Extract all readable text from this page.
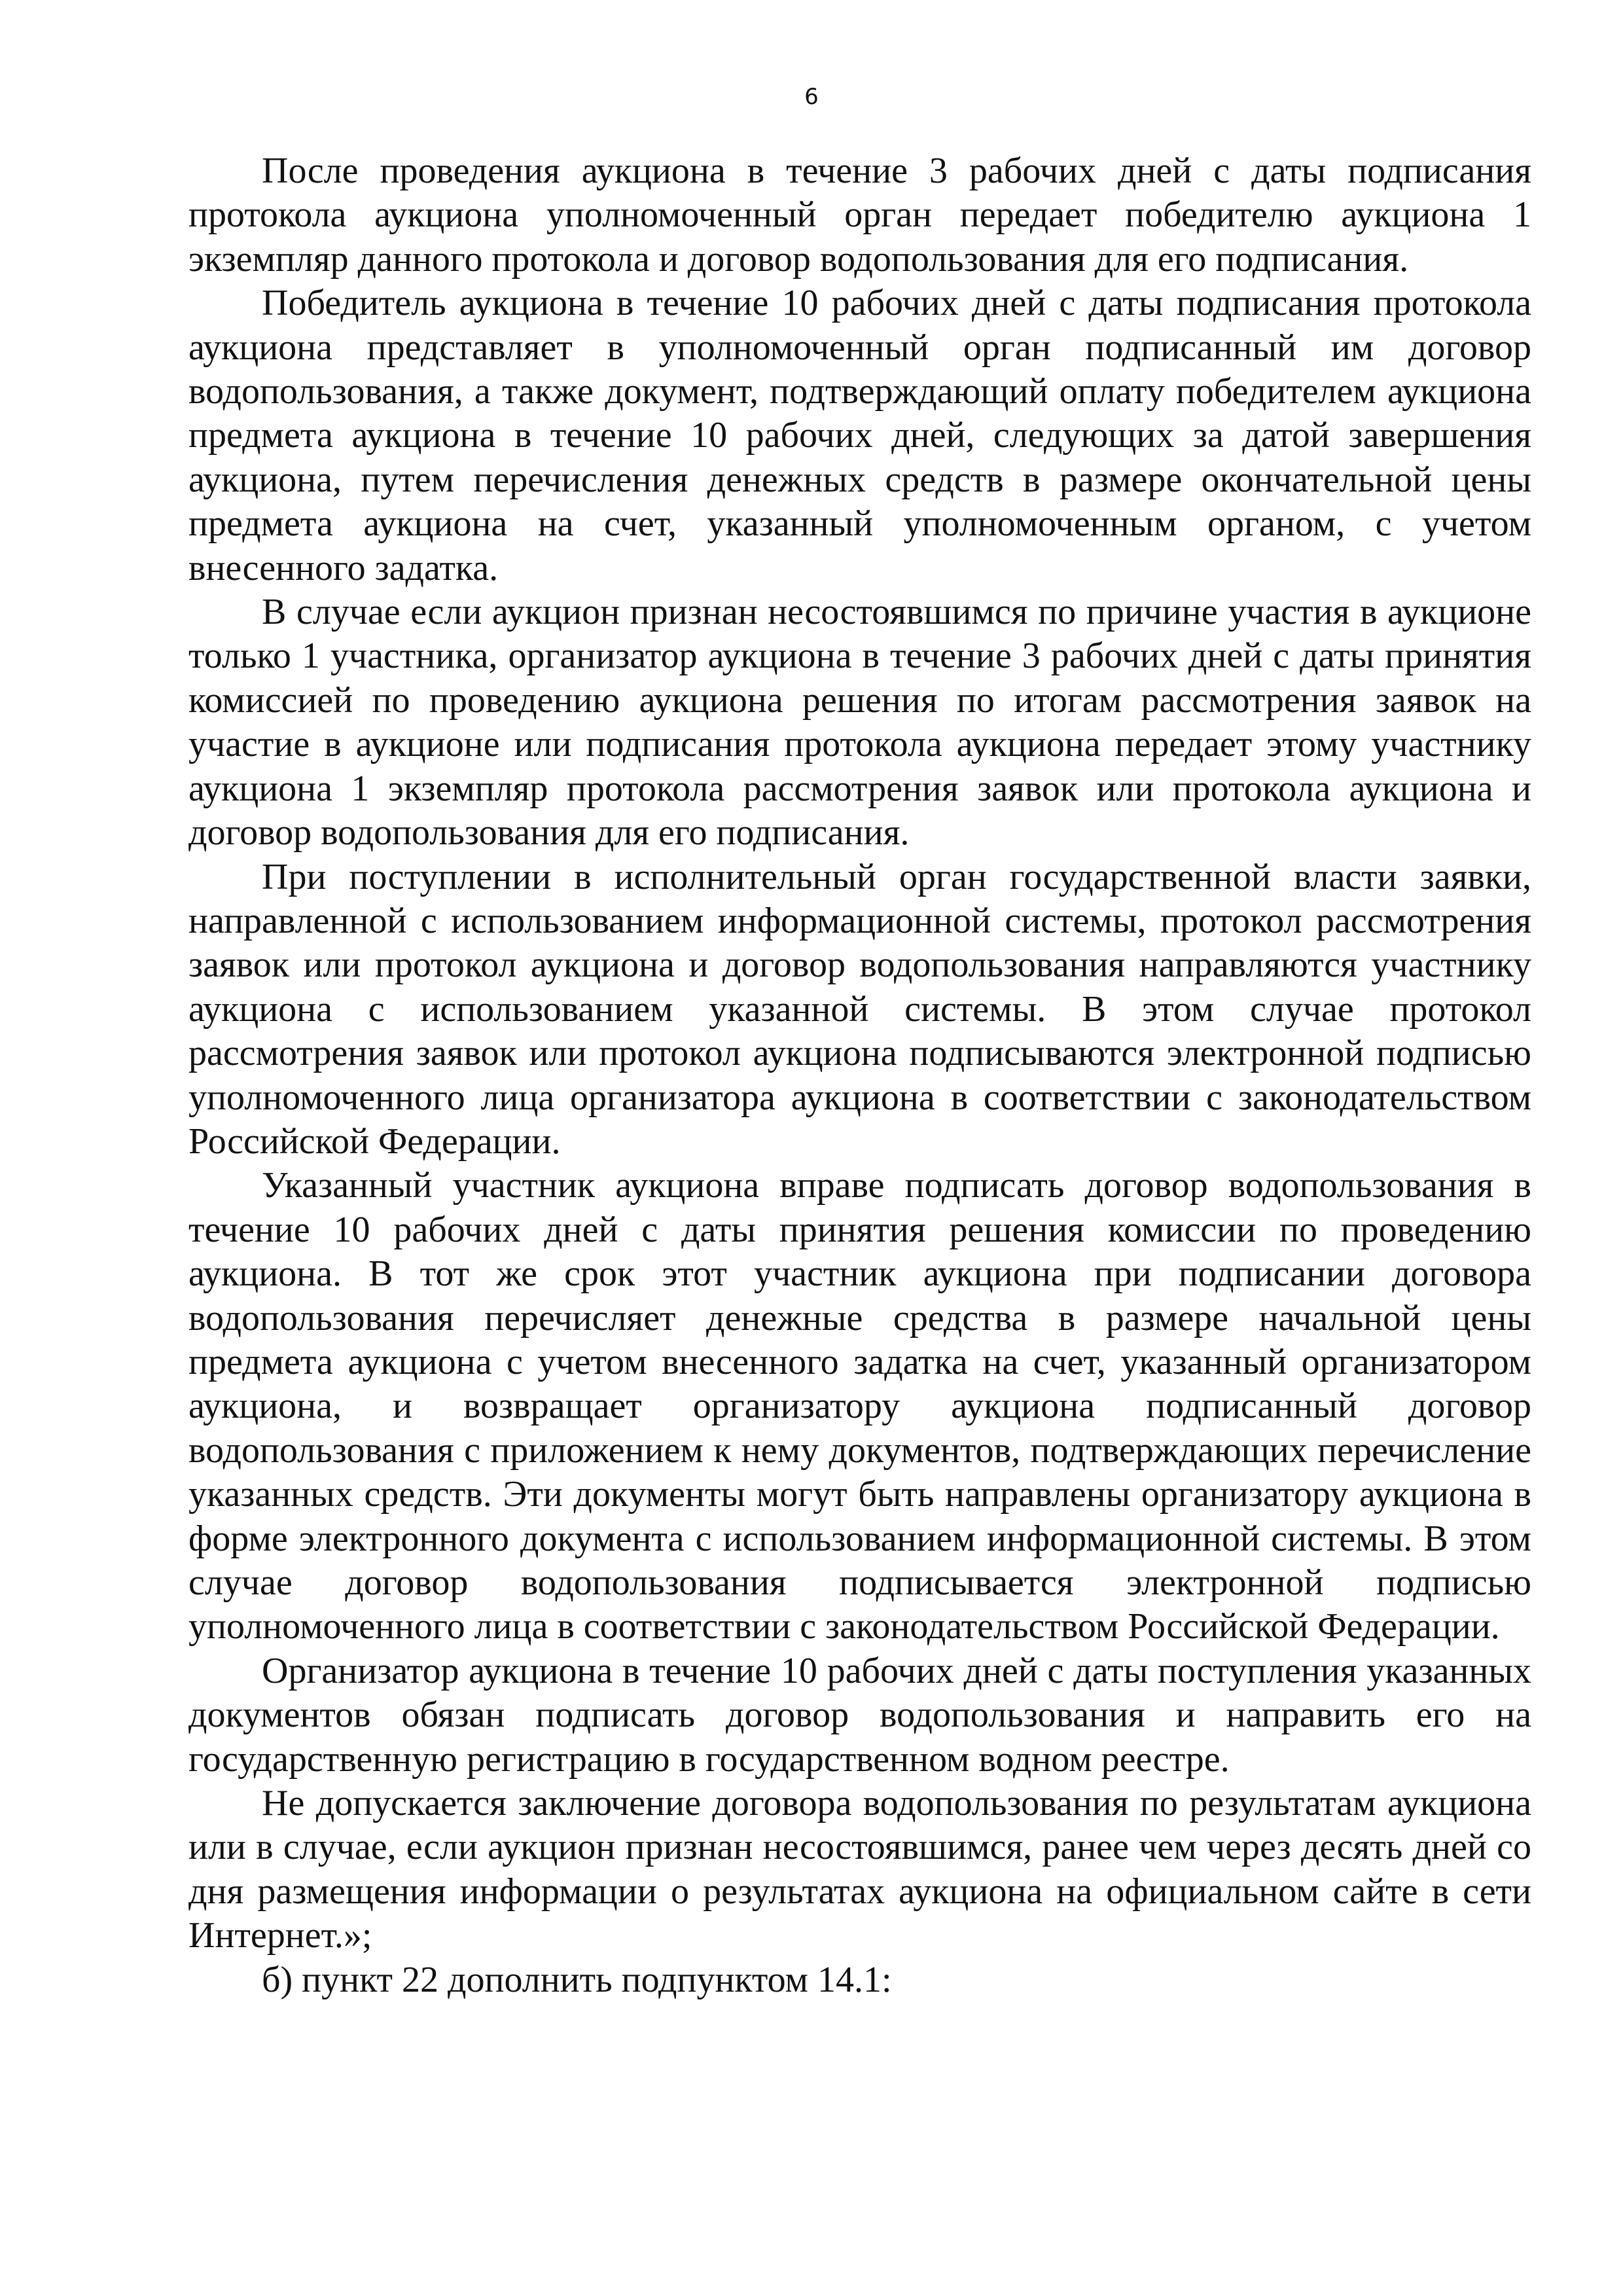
6

После проведения аукциона в течение 3 рабочих дней с даты подписания протокола аукциона уполномоченный орган передает победителю аукциона 1 экземпляр данного протокола и договор водопользования для его подписания.

Победитель аукциона в течение 10 рабочих дней с даты подписания протокола аукциона представляет в уполномоченный орган подписанный им договор водопользования, а также документ, подтверждающий оплату победителем аукциона предмета аукциона в течение 10 рабочих дней, следующих за датой завершения аукциона, путем перечисления денежных средств в размере окончательной цены предмета аукциона на счет, указанный уполномоченным органом, с учетом внесенного задатка.

В случае если аукцион признан несостоявшимся по причине участия в аукционе только 1 участника, организатор аукциона в течение 3 рабочих дней с даты принятия комиссией по проведению аукциона решения по итогам рассмотрения заявок на участие в аукционе или подписания протокола аукциона передает этому участнику аукциона 1 экземпляр протокола рассмотрения заявок или протокола аукциона и договор водопользования для его подписания.

При поступлении в исполнительный орган государственной власти заявки, направленной с использованием информационной системы, протокол рассмотрения заявок или протокол аукциона и договор водопользования направляются участнику аукциона с использованием указанной системы. В этом случае протокол рассмотрения заявок или протокол аукциона подписываются электронной подписью уполномоченного лица организатора аукциона в соответствии с законодательством Российской Федерации.

Указанный участник аукциона вправе подписать договор водопользования в течение 10 рабочих дней с даты принятия решения комиссии по проведению аукциона. В тот же срок этот участник аукциона при подписании договора водопользования перечисляет денежные средства в размере начальной цены предмета аукциона с учетом внесенного задатка на счет, указанный организатором аукциона, и возвращает организатору аукциона подписанный договор водопользования с приложением к нему документов, подтверждающих перечисление указанных средств. Эти документы могут быть направлены организатору аукциона в форме электронного документа с использованием информационной системы. В этом случае договор водопользования подписывается электронной подписью уполномоченного лица в соответствии с законодательством Российской Федерации.

Организатор аукциона в течение 10 рабочих дней с даты поступления указанных документов обязан подписать договор водопользования и направить его на государственную регистрацию в государственном водном реестре.

Не допускается заключение договора водопользования по результатам аукциона или в случае, если аукцион признан несостоявшимся, ранее чем через десять дней со дня размещения информации о результатах аукциона на официальном сайте в сети Интернет.»;

б) пункт 22 дополнить подпунктом 14.1:
